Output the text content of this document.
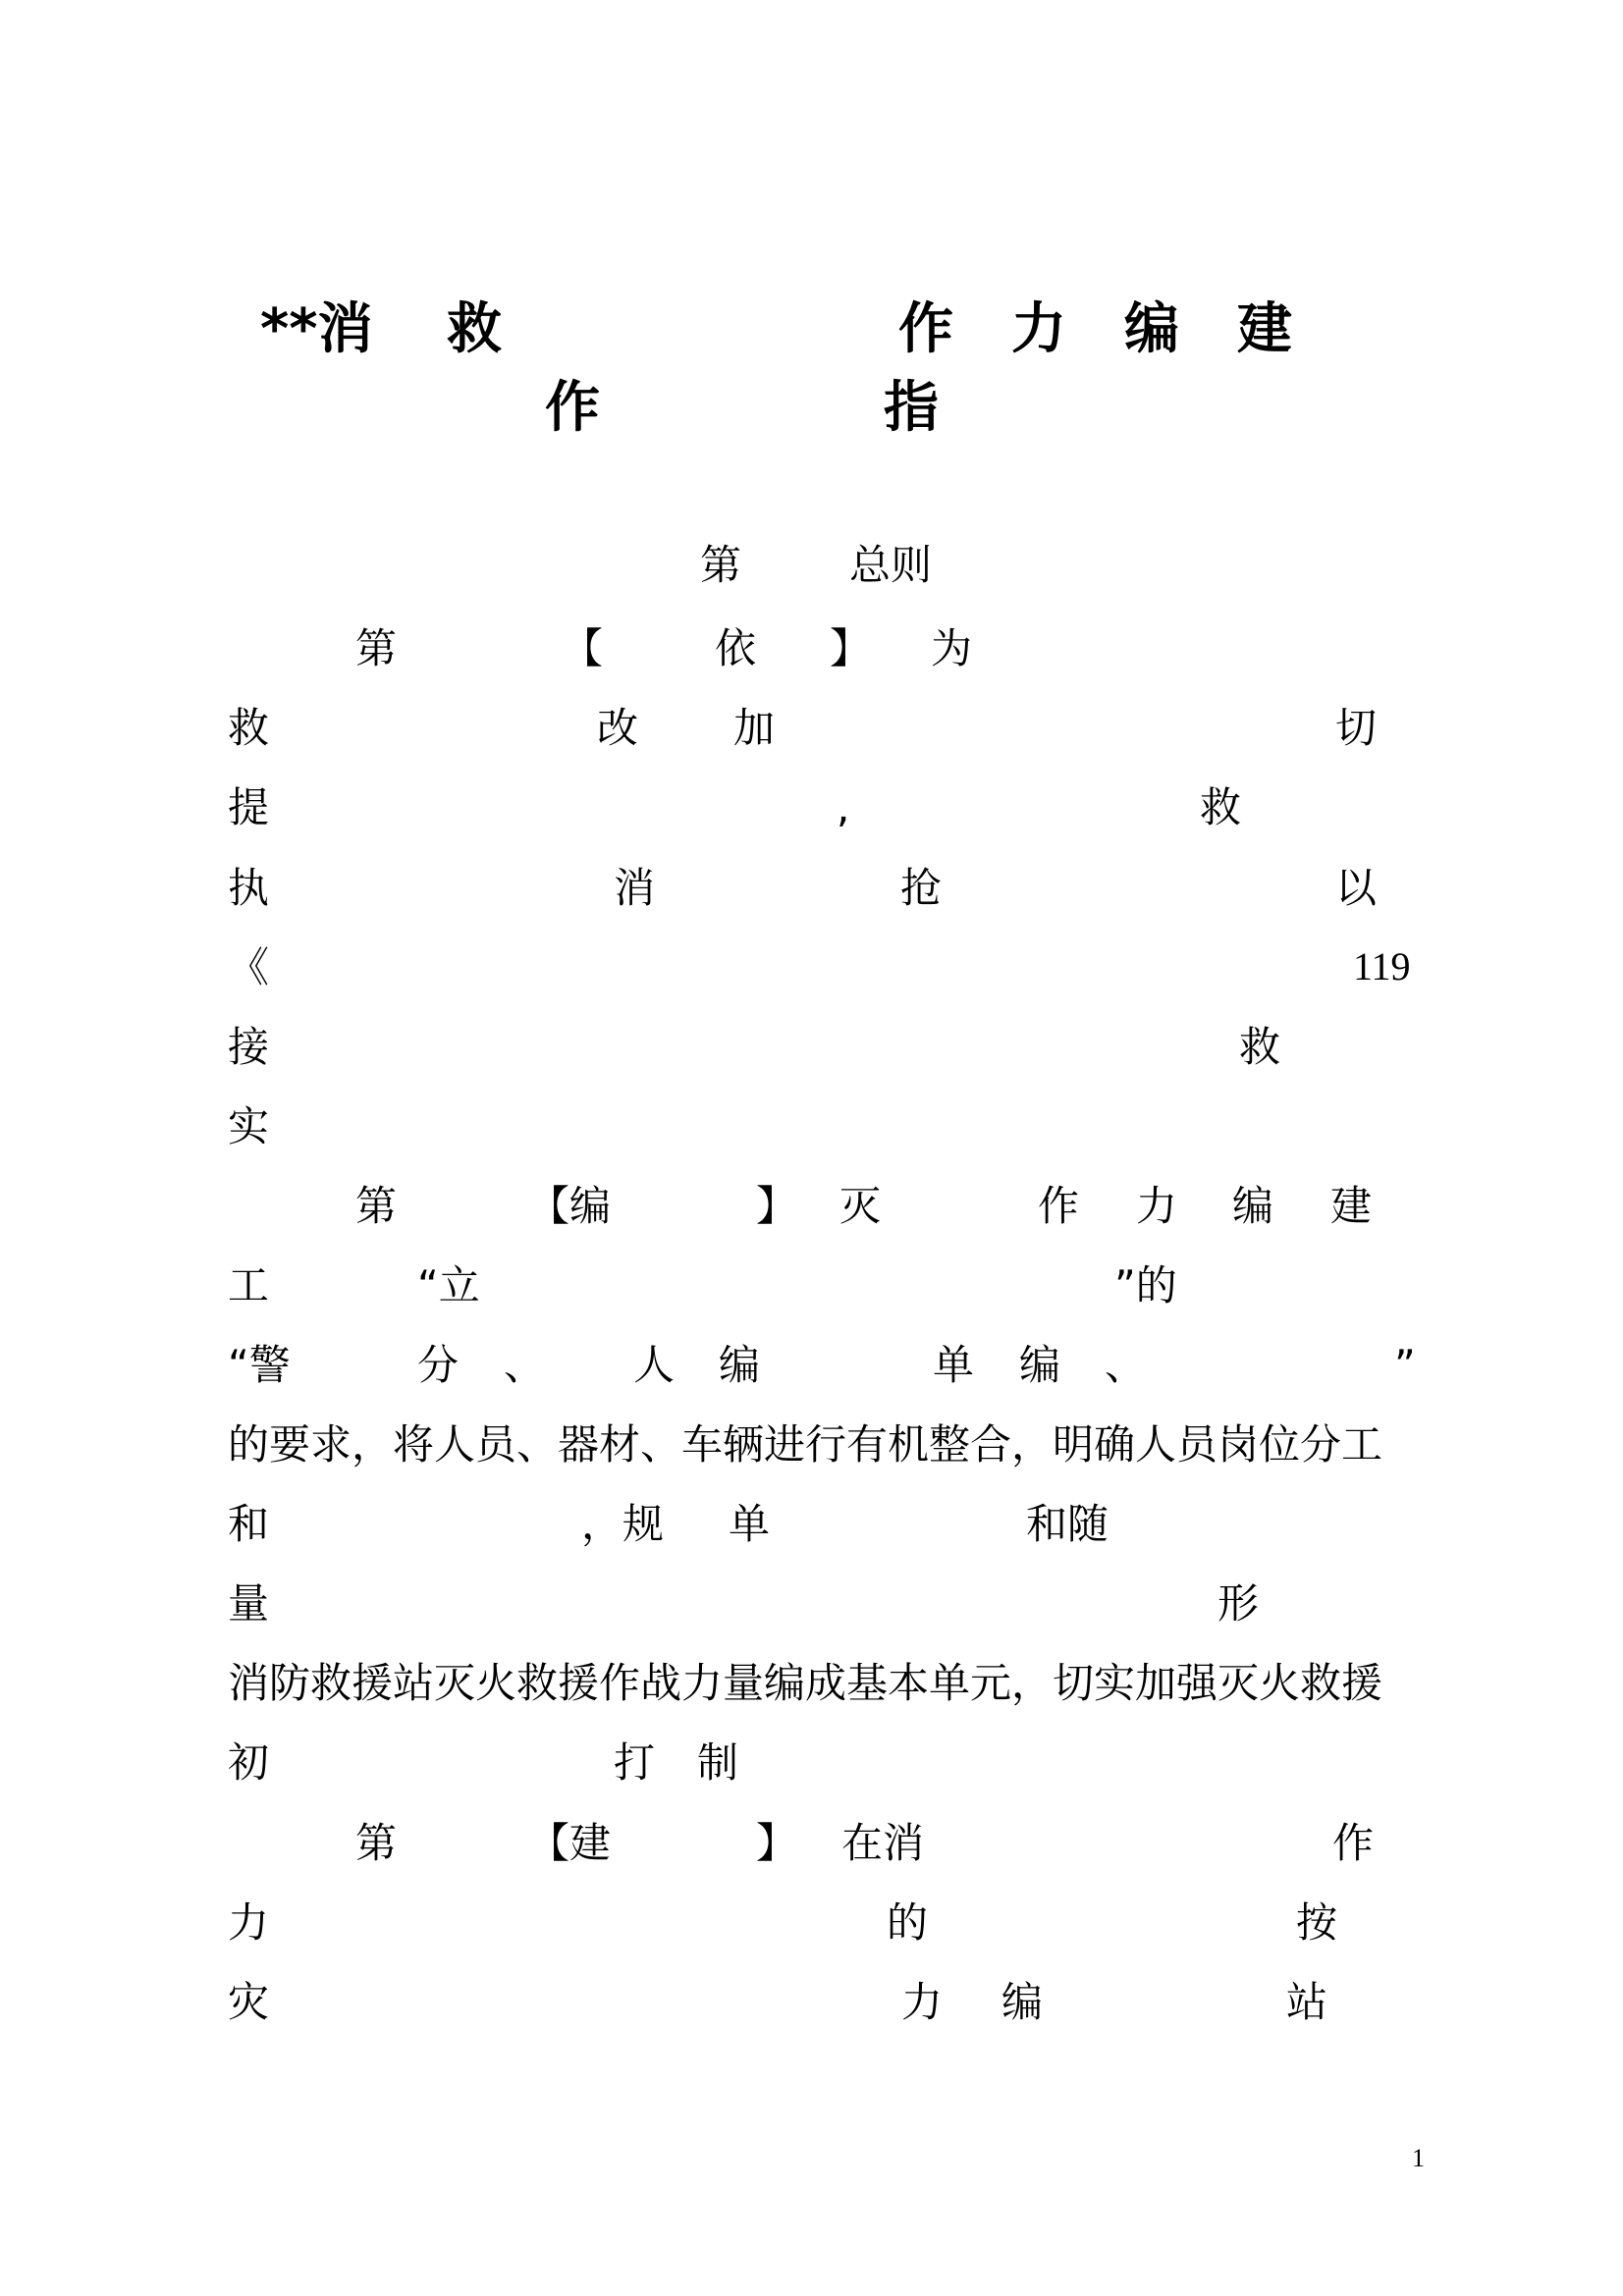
**消 救	作 力 编 建
作	指
第	总则
第	【	依 】 为
救	改 加	切
提	,	救
执	消	抢	以
《	119
接	救
实
第	【编	】 灭	作 力 编 建
工	“立	”的
“警	分 、 人 编	单 编 、	”
的要求，将人员、器材、车辆进行有机整合，明确人员岗位分工
和	，规 单	和随
量	形
消防救援站灭火救援作战力量编成基本单元，切实加强灭火救援
初	打 制
第	【建	】 在消	作
力	的	按
灾	力 编	站
1
